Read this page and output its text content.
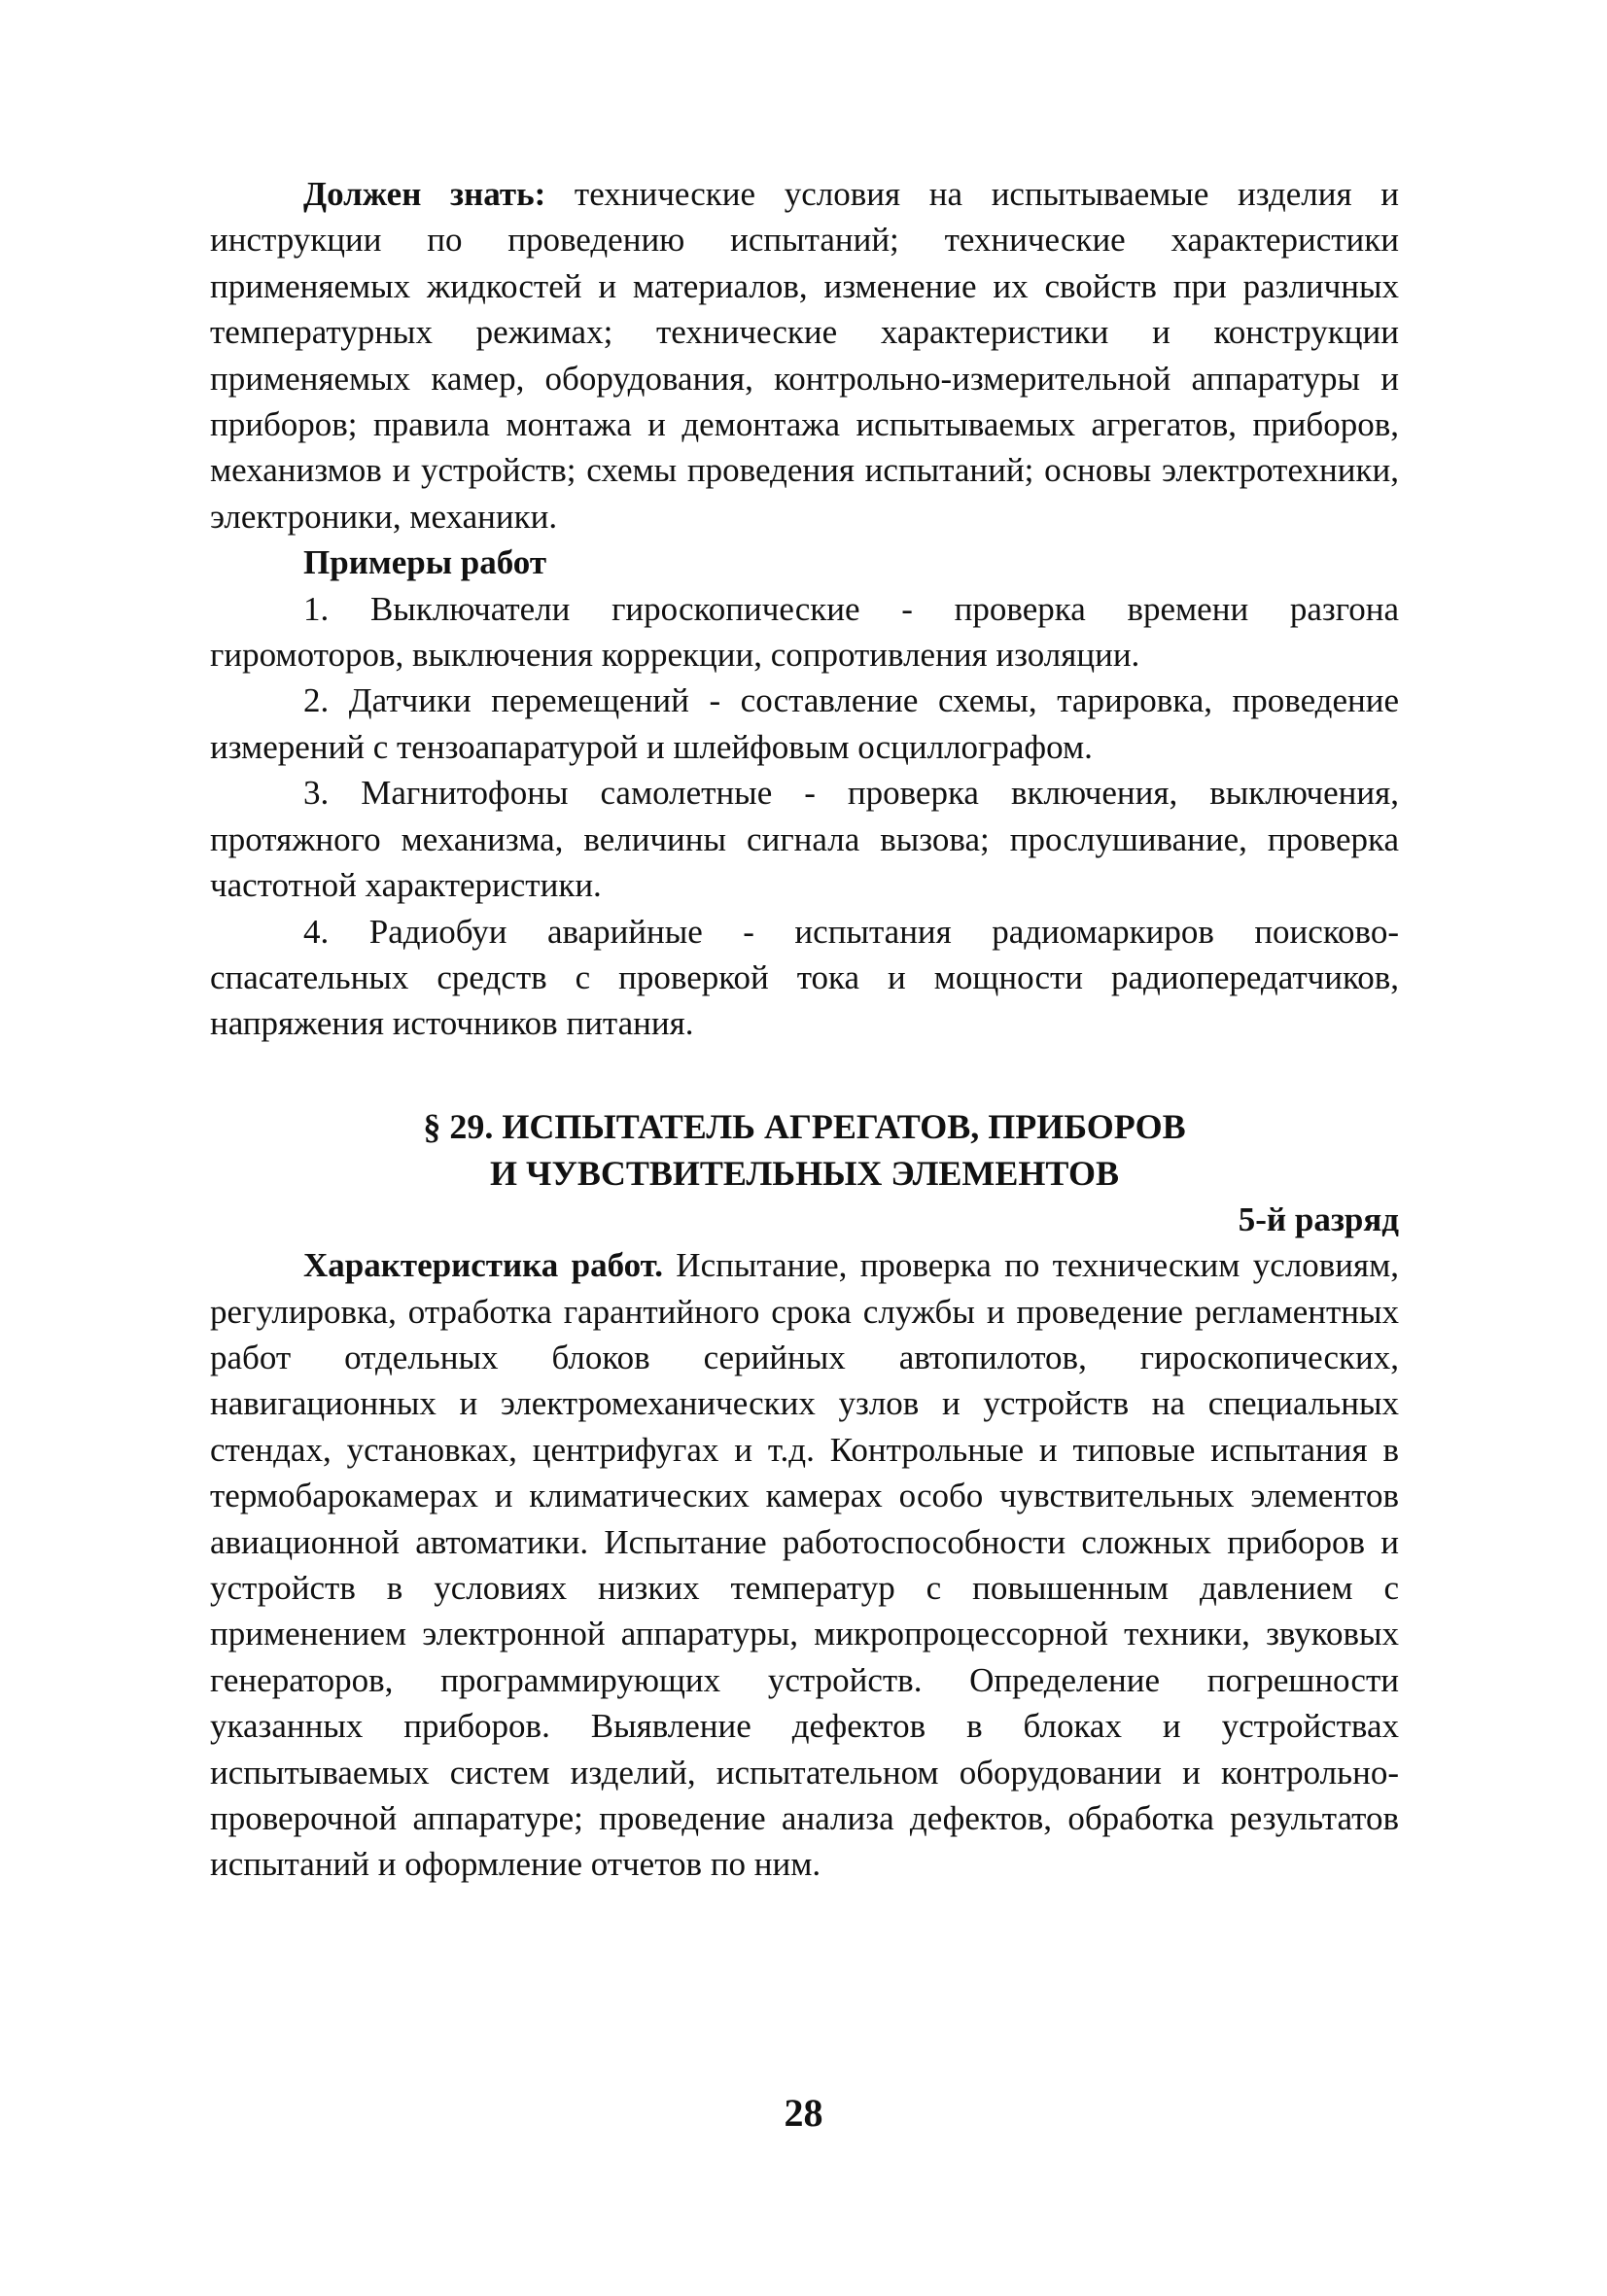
Должен знать: технические условия на испытываемые изделия и инструкции по проведению испытаний; технические характеристики применяемых жидкостей и материалов, изменение их свойств при различных температурных режимах; технические характеристики и конструкции применяемых камер, оборудования, контрольно-измерительной аппаратуры и приборов; правила монтажа и демонтажа испытываемых агрегатов, приборов, механизмов и устройств; схемы проведения испытаний; основы электротехники, электроники, механики.

Примеры работ

1. Выключатели гироскопические - проверка времени разгона гиромоторов, выключения коррекции, сопротивления изоляции.

2. Датчики перемещений - составление схемы, тарировка, проведение измерений с тензоапаратурой и шлейфовым осциллографом.

3. Магнитофоны самолетные - проверка включения, выключения, протяжного механизма, величины сигнала вызова; прослушивание, проверка частотной характеристики.

4. Радиобуи аварийные - испытания радиомаркиров поисково-спасательных средств с проверкой тока и мощности радиопередатчиков, напряжения источников питания.

§ 29. ИСПЫТАТЕЛЬ АГРЕГАТОВ, ПРИБОРОВ
И ЧУВСТВИТЕЛЬНЫХ ЭЛЕМЕНТОВ

5-й разряд

Характеристика работ. Испытание, проверка по техническим условиям, регулировка, отработка гарантийного срока службы и проведение регламентных работ отдельных блоков серийных автопилотов, гироскопических, навигационных и электромеханических узлов и устройств на специальных стендах, установках, центрифугах и т.д. Контрольные и типовые испытания в термобарокамерах и климатических камерах особо чувствительных элементов авиационной автоматики. Испытание работоспособности сложных приборов и устройств в условиях низких температур с повышенным давлением с применением электронной аппаратуры, микропроцессорной техники, звуковых генераторов, программирующих устройств. Определение погрешности указанных приборов. Выявление дефектов в блоках и устройствах испытываемых систем изделий, испытательном оборудовании и контрольно-проверочной аппаратуре; проведение анализа дефектов, обработка результатов испытаний и оформление отчетов по ним.

28
